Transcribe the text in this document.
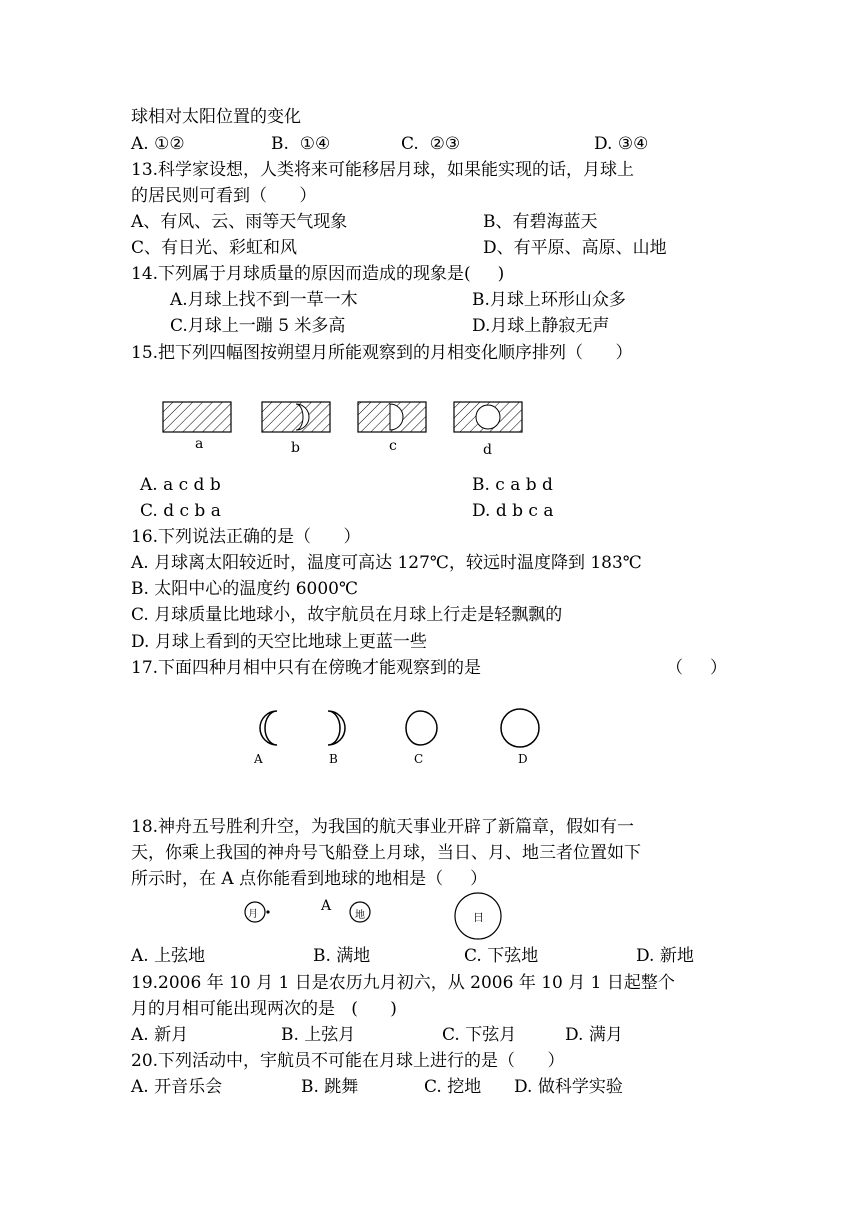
球相对太阳位置的变化
A. ①②	B.  ①④	C.  ②③	D. ③④
13.科学家设想，人类将来可能移居月球，如果能实现的话，月球上
的居民则可看到（      ）
A、有风、云、雨等天气现象	B、有碧海蓝天
C、有日光、彩虹和风	D、有平原、高原、山地
14.下列属于月球质量的原因而造成的现象是(     )
A.月球上找不到一草一木	B.月球上环形山众多
C.月球上一蹦 5 米多高	D.月球上静寂无声
15.把下列四幅图按朔望月所能观察到的月相变化顺序排列（      ）
a	b	c	d
A. a c d b	B. c a b d
C. d c b a	D. d b c a
16.下列说法正确的是（      ）
A. 月球离太阳较近时，温度可高达 127℃，较远时温度降到 183℃
B. 太阳中心的温度约 6000℃
C. 月球质量比地球小，故宇航员在月球上行走是轻飘飘的
D. 月球上看到的天空比地球上更蓝一些
17.下面四种月相中只有在傍晚才能观察到的是	（     ）
A	B	C	D
18.神舟五号胜利升空，为我国的航天事业开辟了新篇章，假如有一
天，你乘上我国的神舟号飞船登上月球，当日、月、地三者位置如下
所示时，在 A 点你能看到地球的地相是（     ）
月
A
地	日
A. 上弦地	B. 满地	C. 下弦地	D. 新地
19.2006 年 10 月 1 日是农历九月初六，从 2006 年 10 月 1 日起整个
月的月相可能出现两次的是   (      )
A. 新月	B. 上弦月	C. 下弦月	D. 满月
20.下列活动中，宇航员不可能在月球上进行的是（      ）
A. 开音乐会	B. 跳舞	C. 挖地 D. 做科学实验
